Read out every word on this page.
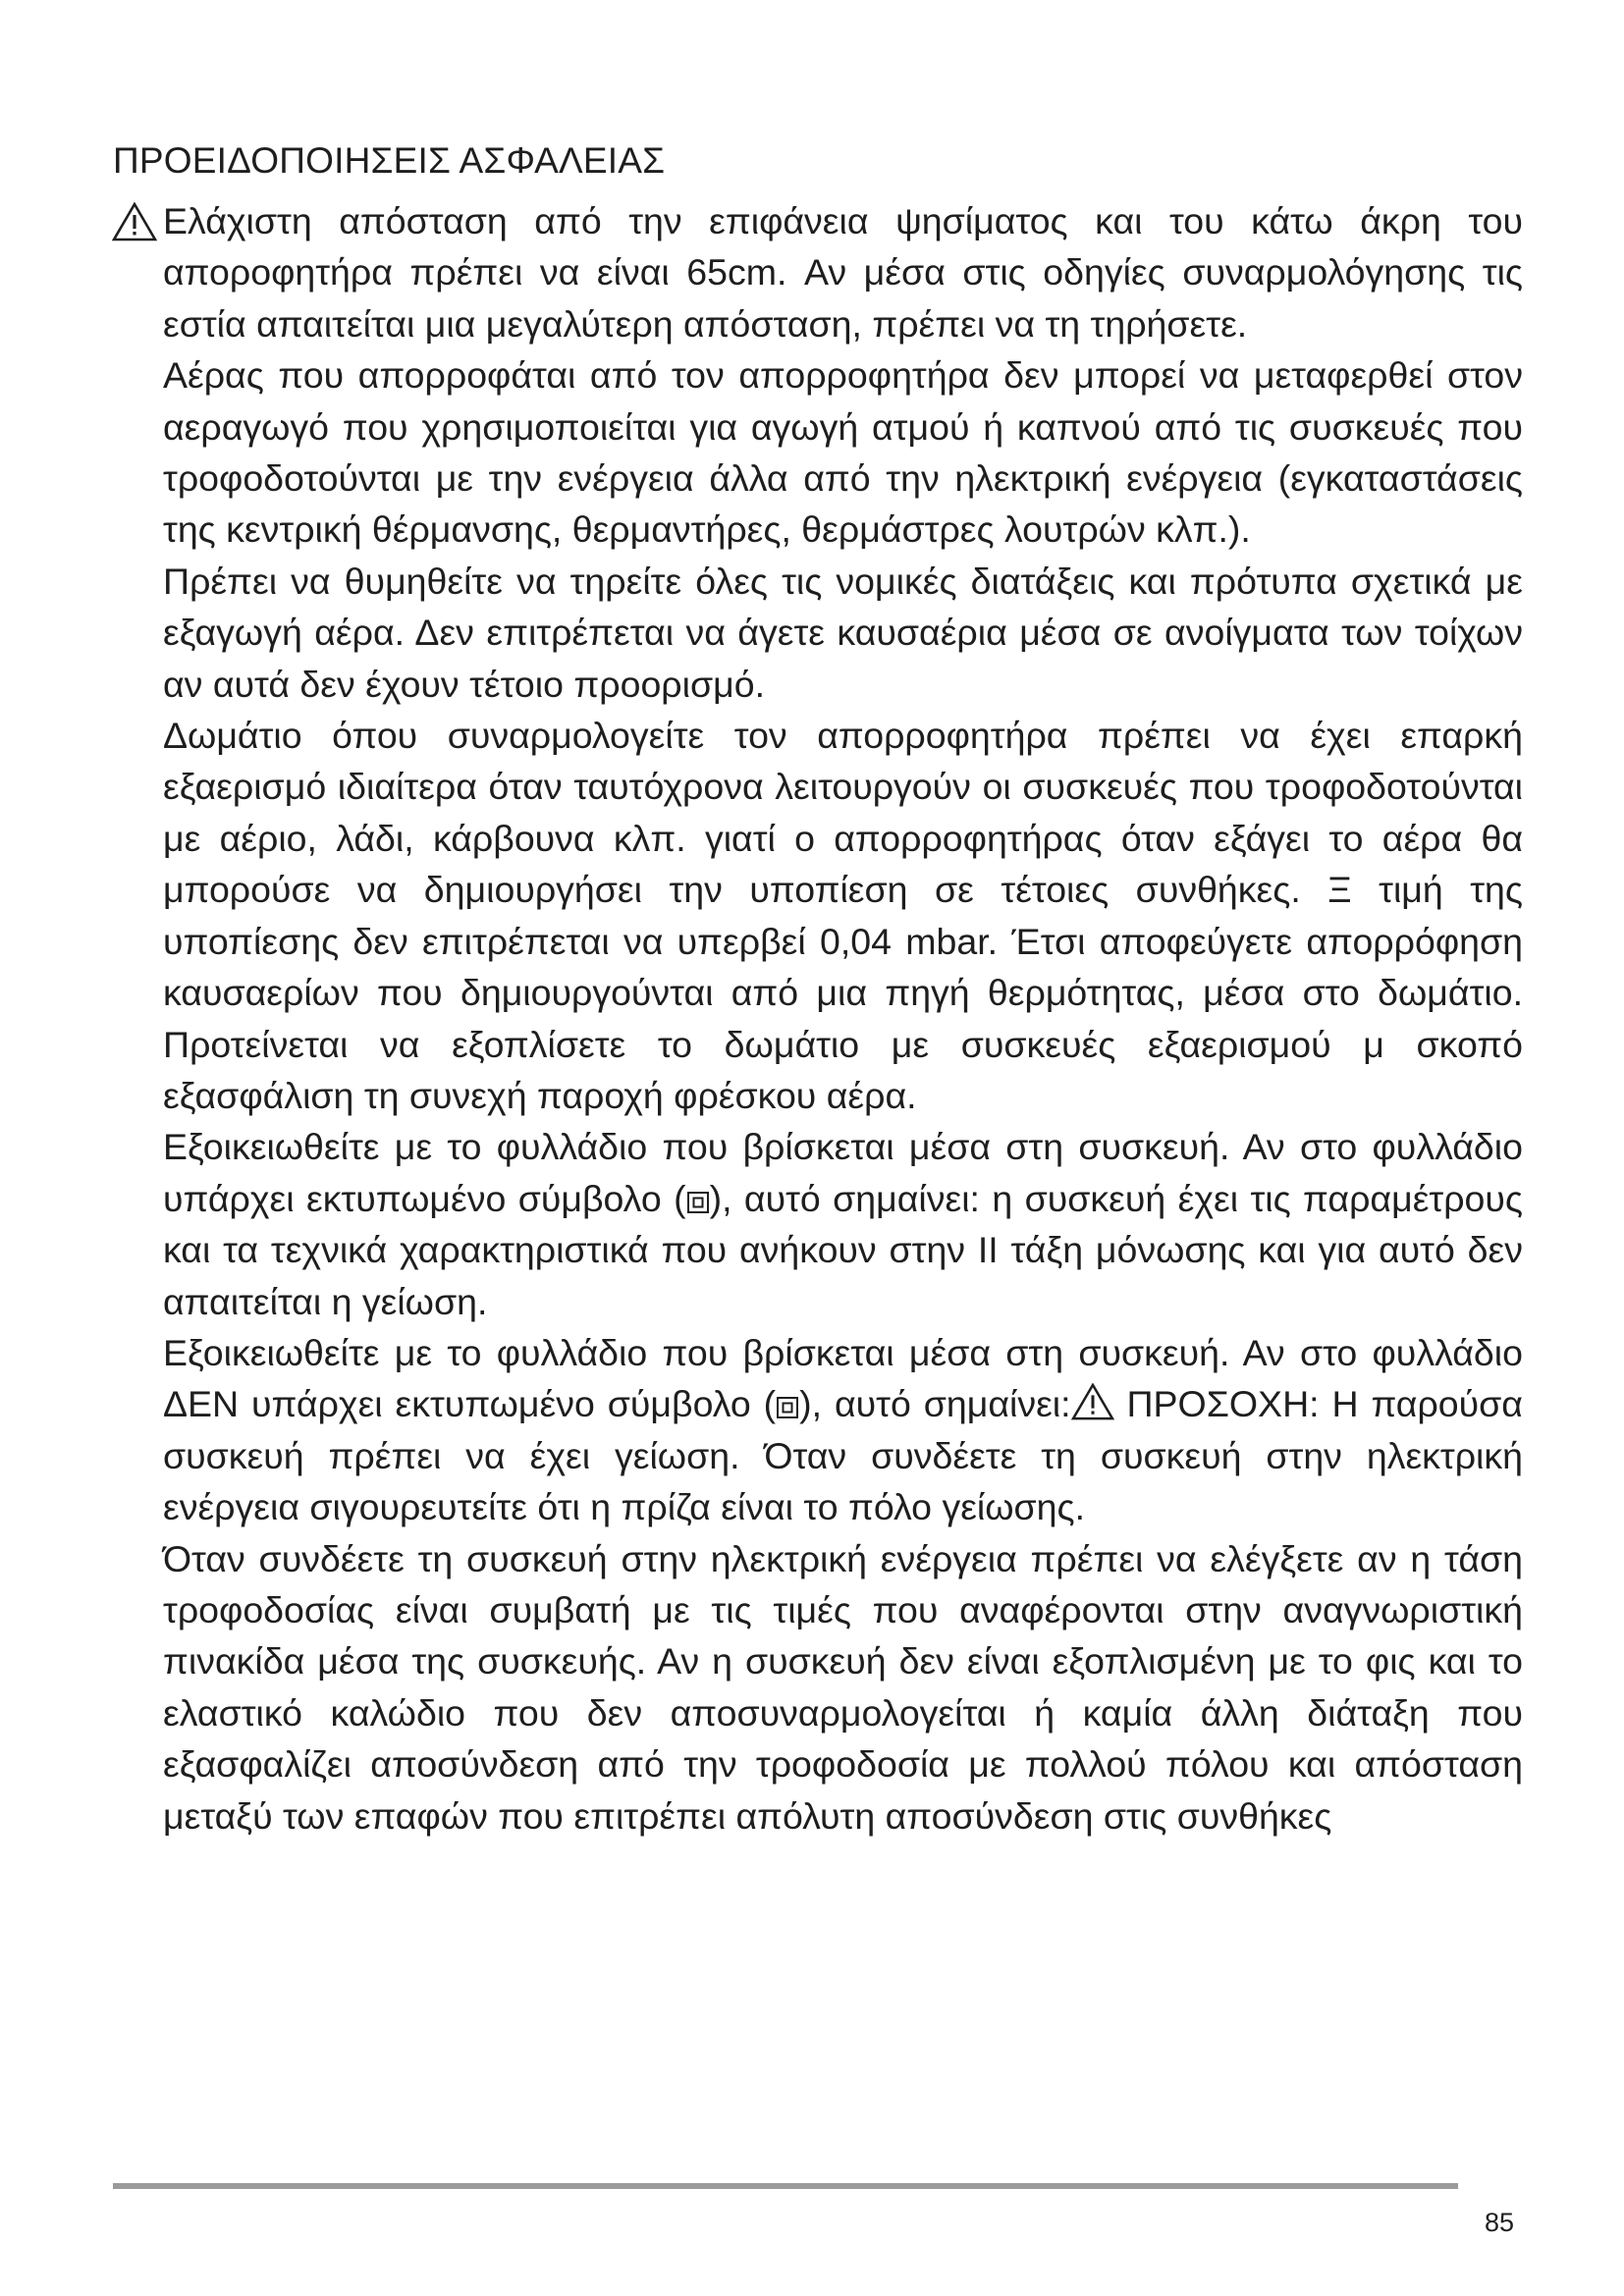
ΠΡΟΕΙΔΟΠΟΙΗΣΕΙΣ ΑΣΦΑΛΕΙΑΣ

Ελάχιστη απόσταση από την επιφάνεια ψησίματος και του κάτω άκρη του αποροφητήρα πρέπει να είναι 65cm. Αν μέσα στις οδηγίες συναρμολόγησης τις εστία απαιτείται μια μεγαλύτερη απόσταση, πρέπει να τη τηρήσετε.

Αέρας που απορροφάται από τον απορροφητήρα δεν μπορεί να μεταφερθεί στον αεραγωγό που χρησιμοποιείται για αγωγή ατμού ή καπνού από τις συσκευές που τροφοδοτούνται με την ενέργεια άλλα από την ηλεκτρική ενέργεια (εγκαταστάσεις της κεντρική θέρμανσης, θερμαντήρες, θερμάστρες λουτρών κλπ.).

Πρέπει να θυμηθείτε να τηρείτε όλες τις νομικές διατάξεις και πρότυπα σχετικά με εξαγωγή αέρα. Δεν επιτρέπεται να άγετε καυσαέρια μέσα σε ανοίγματα των τοίχων αν αυτά δεν έχουν τέτοιο προορισμό.

Δωμάτιο όπου συναρμολογείτε τον απορροφητήρα πρέπει να έχει επαρκή εξαερισμό ιδιαίτερα όταν ταυτόχρονα λειτουργούν οι συσκευές που τροφοδοτούνται με αέριο, λάδι, κάρβουνα κλπ. γιατί ο απορροφητήρας όταν εξάγει το αέρα θα μπορούσε να δημιουργήσει την υποπίεση σε τέτοιες συνθήκες. Ξ τιμή της υποπίεσης δεν επιτρέπεται να υπερβεί 0,04 mbar. Έτσι αποφεύγετε απορρόφηση καυσαερίων που δημιουργούνται από μια πηγή θερμότητας, μέσα στο δωμάτιο. Προτείνεται να εξοπλίσετε το δωμάτιο με συσκευές εξαερισμού μ σκοπό εξασφάλιση τη συνεχή παροχή φρέσκου αέρα.

Εξοικειωθείτε με το φυλλάδιο που βρίσκεται μέσα στη συσκευή. Αν στο φυλλάδιο υπάρχει εκτυπωμένο σύμβολο ( ), αυτό σημαίνει: η συσκευή έχει τις παραμέτρους και τα τεχνικά χαρακτηριστικά που ανήκουν στην II τάξη μόνωσης και για αυτό δεν απαιτείται η γείωση.

Εξοικειωθείτε με το φυλλάδιο που βρίσκεται μέσα στη συσκευή. Αν στο φυλλάδιο ΔΕΝ υπάρχει εκτυπωμένο σύμβολο ( ), αυτό σημαίνει: ΠΡΟΣΟΧΗ: Η παρούσα συσκευή πρέπει να έχει γείωση. Όταν συνδέετε τη συσκευή στην ηλεκτρική ενέργεια σιγουρευτείτε ότι η πρίζα είναι το πόλο γείωσης.

Όταν συνδέετε τη συσκευή στην ηλεκτρική ενέργεια πρέπει να ελέγξετε αν η τάση τροφοδοσίας είναι συμβατή με τις τιμές που αναφέρονται στην αναγνωριστική πινακίδα μέσα της συσκευής. Αν η συσκευή δεν είναι εξοπλισμένη με το φις και το ελαστικό καλώδιο που δεν αποσυναρμολογείται ή καμία άλλη διάταξη που εξασφαλίζει αποσύνδεση από την τροφοδοσία με πολλού πόλου και απόσταση μεταξύ των επαφών που επιτρέπει απόλυτη αποσύνδεση στις συνθήκες

85
